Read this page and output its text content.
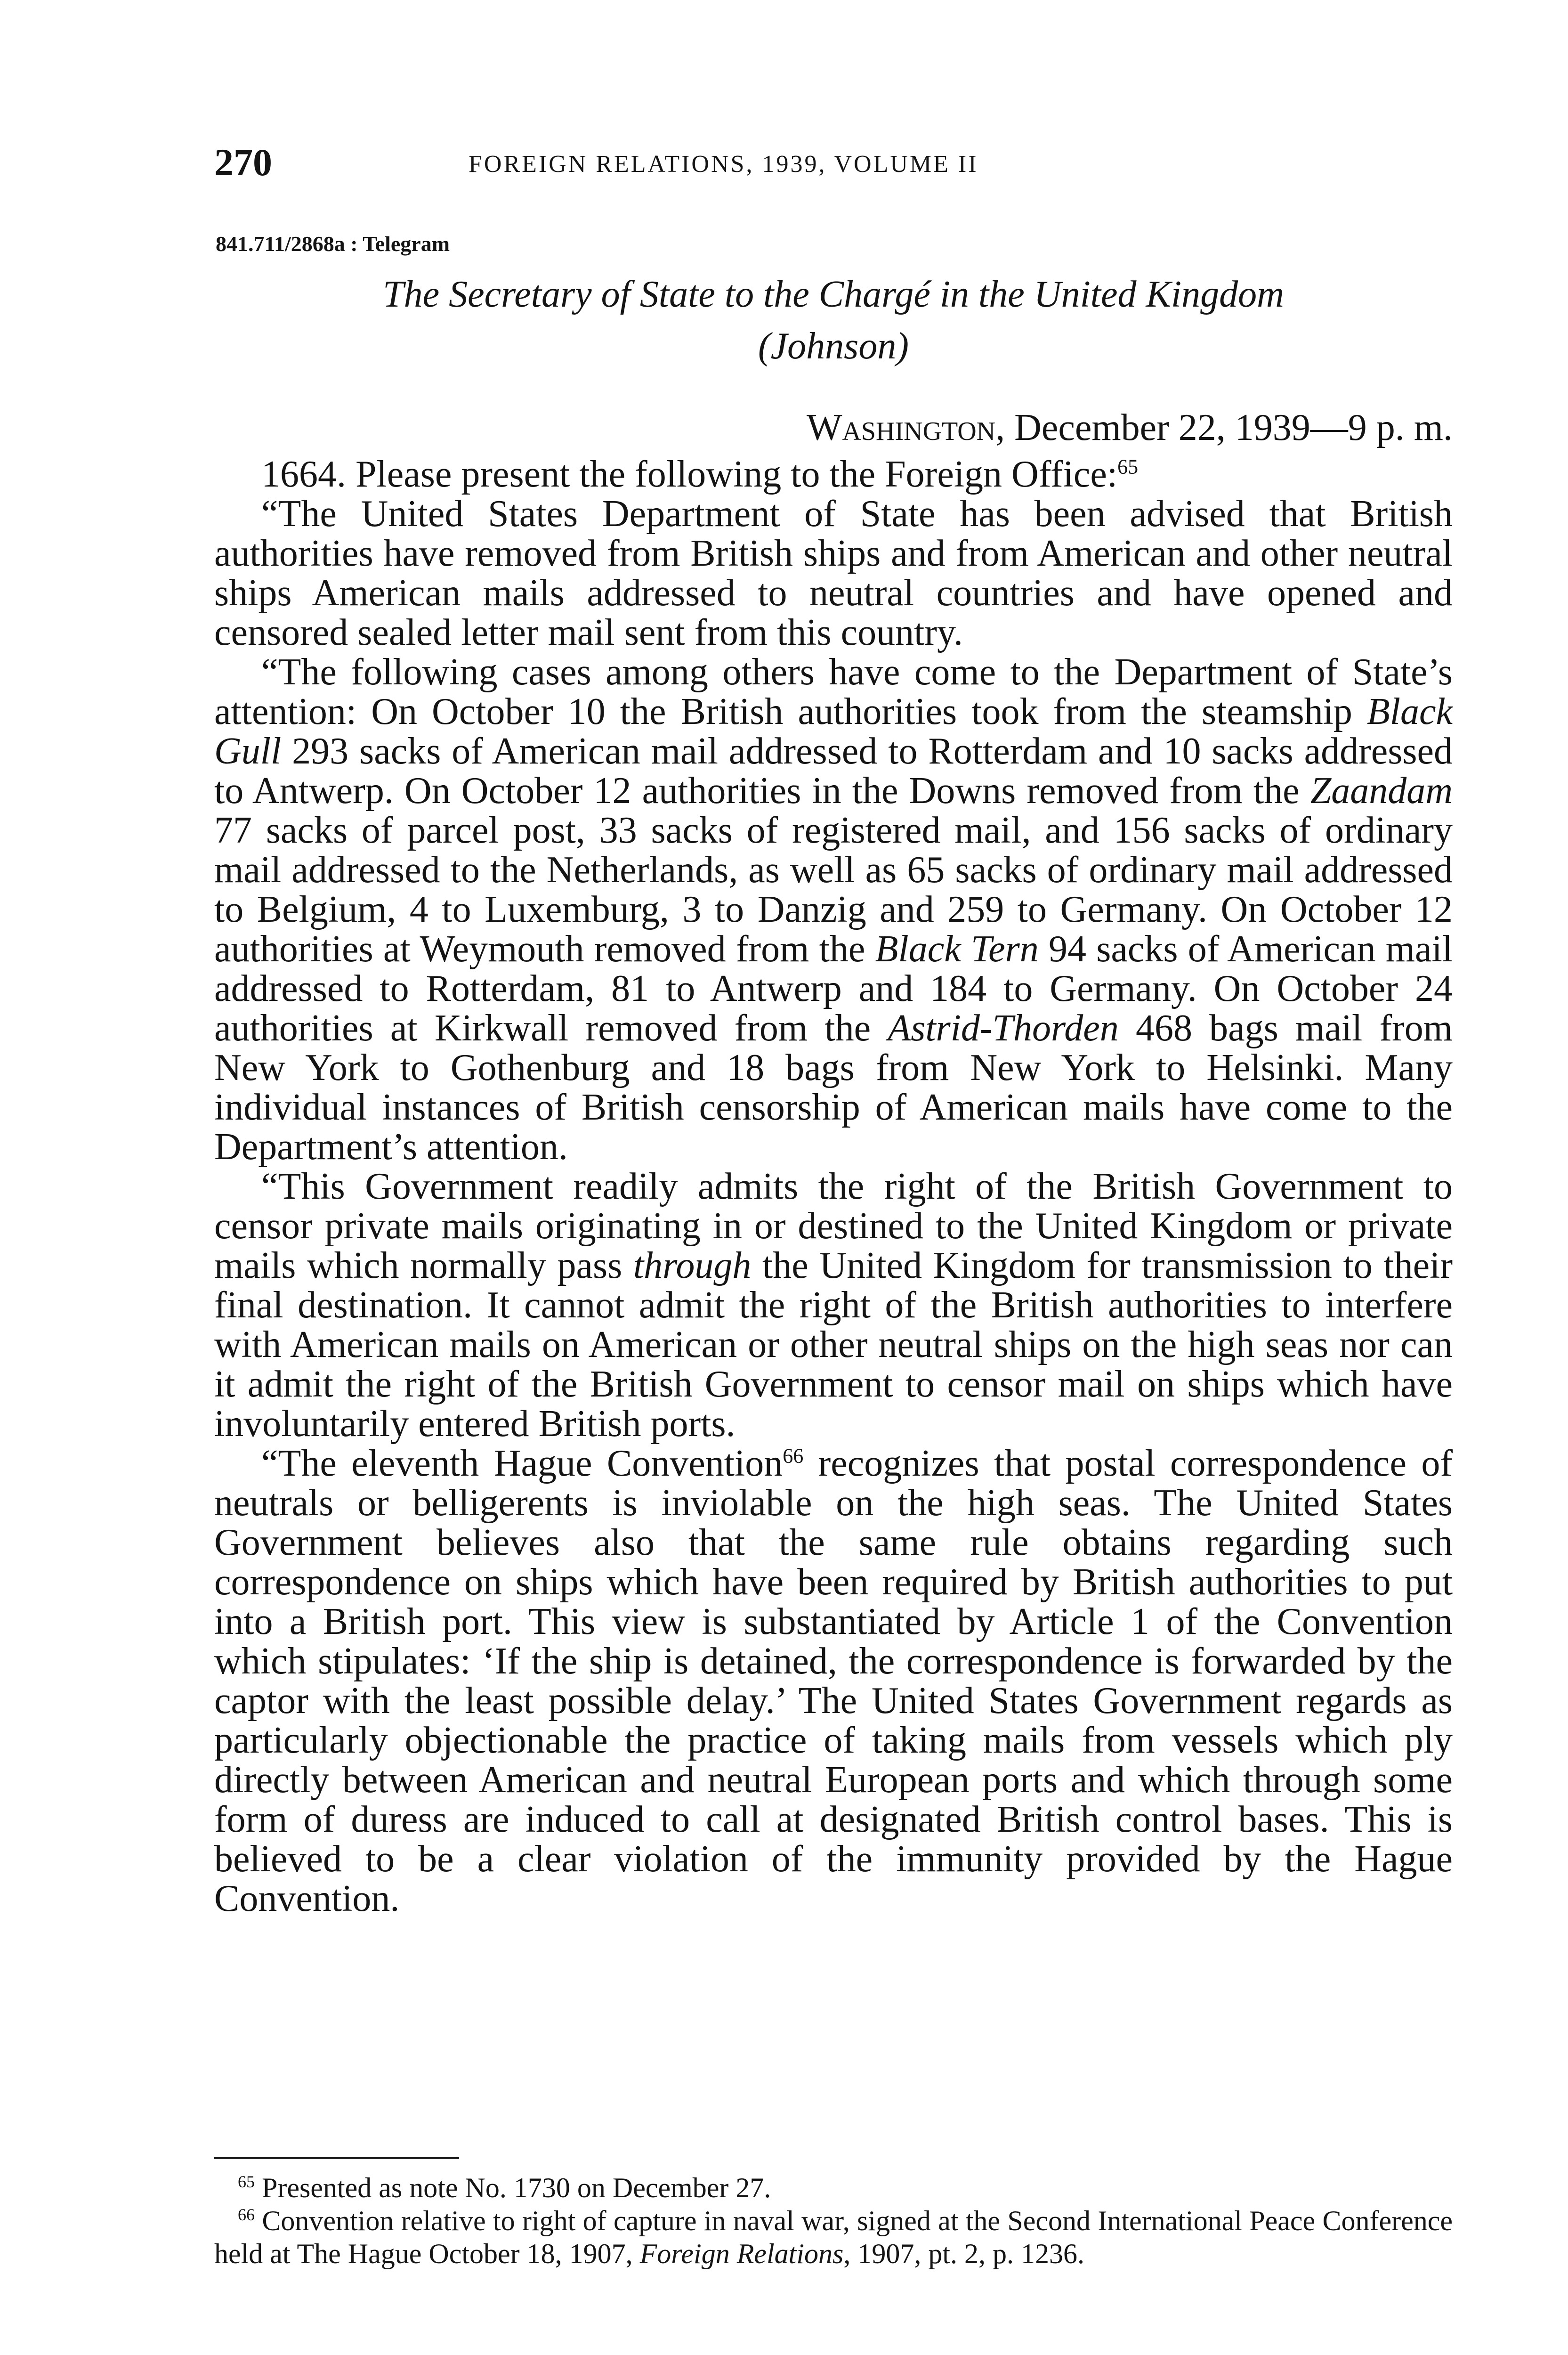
270	FOREIGN RELATIONS, 1939, VOLUME II
841.711/2868a : Telegram
The Secretary of State to the Chargé in the United Kingdom
(Johnson)
Washington, December 22, 1939—9 p. m.

1664. Please present the following to the Foreign Office:$^{65}$

“The United States Department of State has been advised that British authorities have removed from British ships and from American and other neutral ships American mails addressed to neutral countries and have opened and censored sealed letter mail sent from this country.

“The following cases among others have come to the Department of State’s attention: On October 10 the British authorities took from the steamship Black Gull 293 sacks of American mail addressed to Rotterdam and 10 sacks addressed to Antwerp. On October 12 authorities in the Downs removed from the Zaandam 77 sacks of parcel post, 33 sacks of registered mail, and 156 sacks of ordinary mail addressed to the Netherlands, as well as 65 sacks of ordinary mail addressed to Belgium, 4 to Luxemburg, 3 to Danzig and 259 to Germany. On October 12 authorities at Weymouth removed from the Black Tern 94 sacks of American mail addressed to Rotterdam, 81 to Antwerp and 184 to Germany. On October 24 authorities at Kirkwall removed from the Astrid-Thorden 468 bags mail from New York to Gothenburg and 18 bags from New York to Helsinki. Many individual instances of British censorship of American mails have come to the Department’s attention.

“This Government readily admits the right of the British Government to censor private mails originating in or destined to the United Kingdom or private mails which normally pass through the United Kingdom for transmission to their final destination. It cannot admit the right of the British authorities to interfere with American mails on American or other neutral ships on the high seas nor can it admit the right of the British Government to censor mail on ships which have involuntarily entered British ports.

“The eleventh Hague Convention$^{66}$ recognizes that postal correspondence of neutrals or belligerents is inviolable on the high seas. The United States Government believes also that the same rule obtains regarding such correspondence on ships which have been required by British authorities to put into a British port. This view is substantiated by Article 1 of the Convention which stipulates: ‘If the ship is detained, the correspondence is forwarded by the captor with the least possible delay.’ The United States Government regards as particularly objectionable the practice of taking mails from vessels which ply directly between American and neutral European ports and which through some form of duress are induced to call at designated British control bases. This is believed to be a clear violation of the immunity provided by the Hague Convention.

$^{65}$ Presented as note No. 1730 on December 27.

$^{66}$ Convention relative to right of capture in naval war, signed at the Second International Peace Conference held at The Hague October 18, 1907, Foreign Relations, 1907, pt. 2, p. 1236.
